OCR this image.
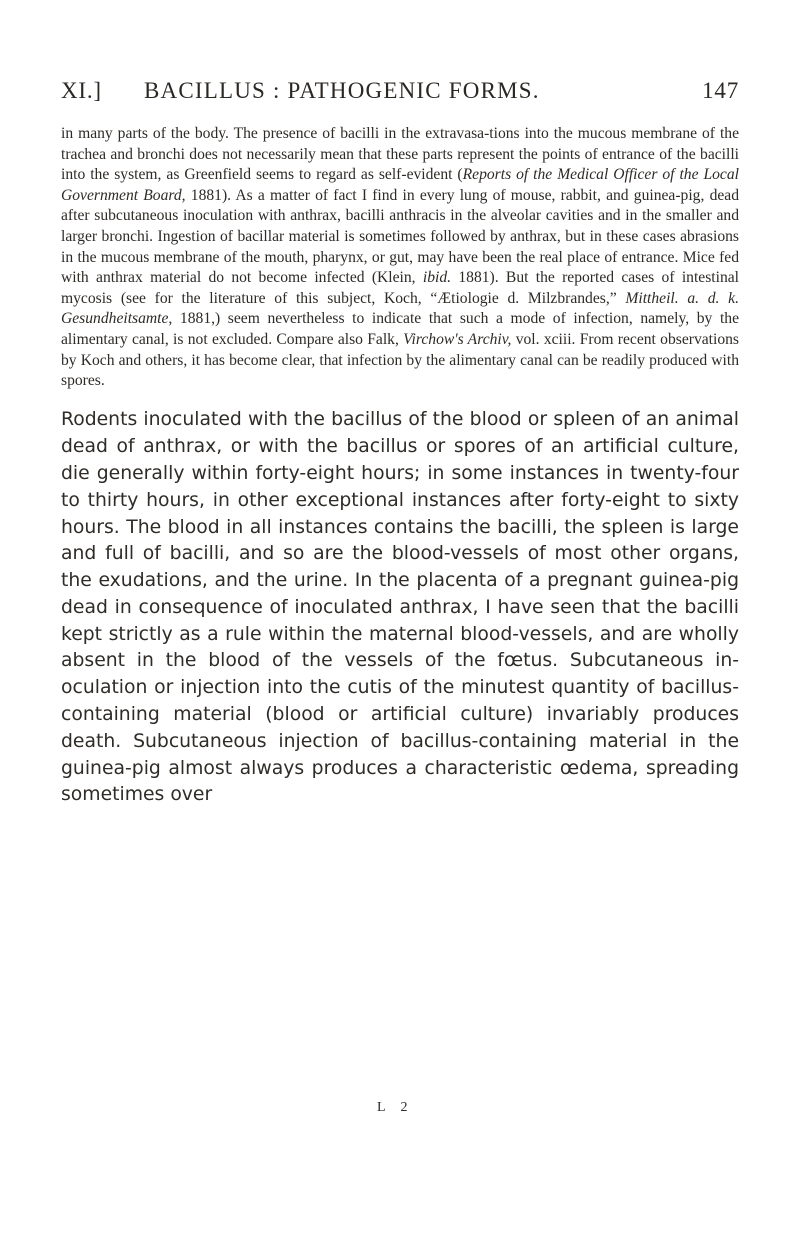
XI.] BACILLUS : PATHOGENIC FORMS.	147

in many parts of the body. The presence of bacilli in the extravasa-tions into the mucous membrane of the trachea and bronchi does not necessarily mean that these parts represent the points of entrance of the bacilli into the system, as Greenfield seems to regard as self-evident (Reports of the Medical Officer of the Local Government Board, 1881). As a matter of fact I find in every lung of mouse, rabbit, and guinea-pig, dead after subcutaneous inoculation with anthrax, bacilli anthracis in the alveolar cavities and in the smaller and larger bronchi. Ingestion of bacillar material is sometimes followed by anthrax, but in these cases abrasions in the mucous membrane of the mouth, pharynx, or gut, may have been the real place of entrance. Mice fed with anthrax material do not become infected (Klein, ibid. 1881). But the reported cases of intestinal mycosis (see for the literature of this subject, Koch, “Ætiologie d. Milzbrandes,” Mittheil. a. d. k. Gesundheitsamte, 1881,) seem nevertheless to indicate that such a mode of infection, namely, by the alimentary canal, is not excluded. Compare also Falk, Virchow's Archiv, vol. xciii. From recent observations by Koch and others, it has become clear, that infection by the alimentary canal can be readily produced with spores.

Rodents inoculated with the bacillus of the blood or spleen of an animal dead of anthrax, or with the bacillus or spores of an artificial culture, die generally within forty-eight hours; in some instances in twenty-four to thirty hours, in other exceptional instances after forty-eight to sixty hours. The blood in all instances contains the bacilli, the spleen is large and full of bacilli, and so are the blood-vessels of most other organs, the exudations, and the urine. In the placenta of a pregnant guinea-pig dead in consequence of inoculated anthrax, I have seen that the bacilli kept strictly as a rule within the maternal blood-vessels, and are wholly absent in the blood of the vessels of the fœtus. Subcutaneous in-oculation or injection into the cutis of the minutest quantity of bacillus-containing material (blood or artificial culture) invariably produces death. Subcutaneous injection of bacillus-containing material in the guinea-pig almost always produces a characteristic œdema, spreading sometimes over

L 2
